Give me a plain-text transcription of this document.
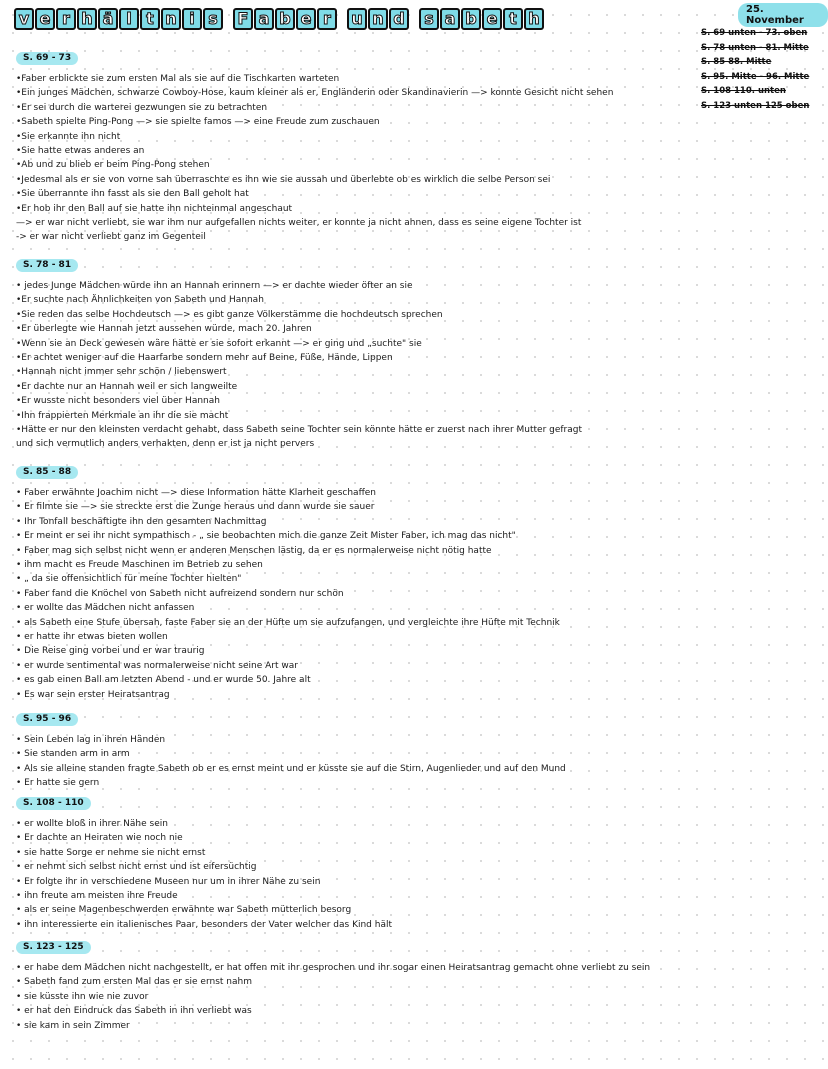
v e r h ä l t n i s	F a b e r	u n d	s a b e t h	25. November
S. 69 unten - 73. oben
S. 78 unten - 81. Mitte
S. 85 88. Mitte
S. 95. Mitte - 96. Mitte
S. 108 110. unten
S. 123 unten 125 oben
S. 69 - 73
•Faber erblickte sie zum ersten Mal als sie auf die Tischkarten warteten
•Ein junges Mädchen, schwarze Cowboy-Hose, kaum kleiner als er, Engländerin oder Skandinavierin —> konnte Gesicht nicht sehen
•Er sei durch die warterei gezwungen sie zu betrachten
•Sabeth spielte Ping-Pong —> sie spielte famos —> eine Freude zum zuschauen
•Sie erkannte ihn nicht
•Sie hatte etwas anderes an
•Ab und zu blieb er beim Ping-Pong stehen
•Jedesmal als er sie von vorne sah überraschte es ihn wie sie aussah und überlebte ob es wirklich die selbe Person sei
•Sie überrannte ihn fasst als sie den Ball geholt hat
•Er hob ihr den Ball auf sie hatte ihn nichteinmal angeschaut
—> er war nicht verliebt, sie war ihm nur aufgefallen nichts weiter, er konnte ja nicht ahnen, dass es seine eigene Tochter ist
-> er war nicht verliebt ganz im Gegenteil
S. 78 - 81
• jedes Junge Mädchen würde ihn an Hannah erinnern —> er dachte wieder öfter an sie
•Er suchte nach Ähnlichkeiten von Sabeth und Hannah
•Sie reden das selbe Hochdeutsch —> es gibt ganze Völkerstämme die hochdeutsch sprechen
•Er überlegte wie Hannah jetzt aussehen würde, mach 20. Jahren
•Wenn sie an Deck gewesen wäre hätte er sie sofort erkannt —> er ging und „suchte" sie
•Er achtet weniger auf die Haarfarbe sondern mehr auf Beine, Füße, Hände, Lippen
•Hannah nicht immer sehr schön / liebenswert
•Er dachte nur an Hannah weil er sich langweilte
•Er wusste nicht besonders viel über Hannah
•Ihn frappierten Merkmale an ihr die sie macht
•Hätte er nur den kleinsten verdacht gehabt, dass Sabeth seine Tochter sein könnte hätte er zuerst nach ihrer Mutter gefragt
und sich vermutlich anders verhakten, denn er ist ja nicht pervers
S. 85 - 88
• Faber erwähnte Joachim nicht —> diese Information hätte Klarheit geschaffen
• Er filmte sie —> sie streckte erst die Zunge heraus und dann wurde sie sauer
• Ihr Tonfall beschäftigte ihn den gesamten Nachmittag
• Er meint er sei ihr nicht sympathisch - „ sie beobachten mich die ganze Zeit Mister Faber, ich mag das nicht"
• Faber mag sich selbst nicht wenn er anderen Menschen lästig, da er es normalerweise nicht nötig hatte
• ihm macht es Freude Maschinen im Betrieb zu sehen
• „ da sie offensichtlich für meine Tochter hielten"
• Faber fand die Knöchel von Sabeth nicht aufreizend sondern nur schön
• er wollte das Mädchen nicht anfassen
• als Sabeth eine Stufe übersah, faste Faber sie an der Hüfte um sie aufzufangen, und vergleichte ihre Hüfte mit Technik
• er hatte ihr etwas bieten wollen
• Die Reise ging vorbei und er war traurig
• er wurde sentimental was normalerweise nicht seine Art war
• es gab einen Ball am letzten Abend - und er wurde 50. Jahre alt
• Es war sein erster Heiratsantrag
S. 95 - 96
• Sein Leben lag in ihren Händen
• Sie standen arm in arm
• Als sie alleine standen fragte Sabeth ob er es ernst meint und er küsste sie auf die Stirn, Augenlieder und auf den Mund
• Er hatte sie gern
S. 108 - 110
• er wollte bloß in ihrer Nähe sein
• Er dachte an Heiraten wie noch nie
• sie hatte Sorge er nehme sie nicht ernst
• er nehmt sich selbst nicht ernst und ist eifersüchtig
• Er folgte ihr in verschiedene Museen nur um in ihrer Nähe zu sein
• ihn freute am meisten ihre Freude
• als er seine Magenbeschwerden erwähnte war Sabeth mütterlich besorg
• ihn interessierte ein italienisches Paar, besonders der Vater welcher das Kind hält
S. 123 - 125
• er habe dem Mädchen nicht nachgestellt, er hat offen mit ihr gesprochen und ihr sogar einen Heiratsantrag gemacht ohne verliebt zu sein
• Sabeth fand zum ersten Mal das er sie ernst nahm
• sie küsste ihn wie nie zuvor
• er hat den Eindruck das Sabeth in ihn verliebt was
• sie kam in sein Zimmer
